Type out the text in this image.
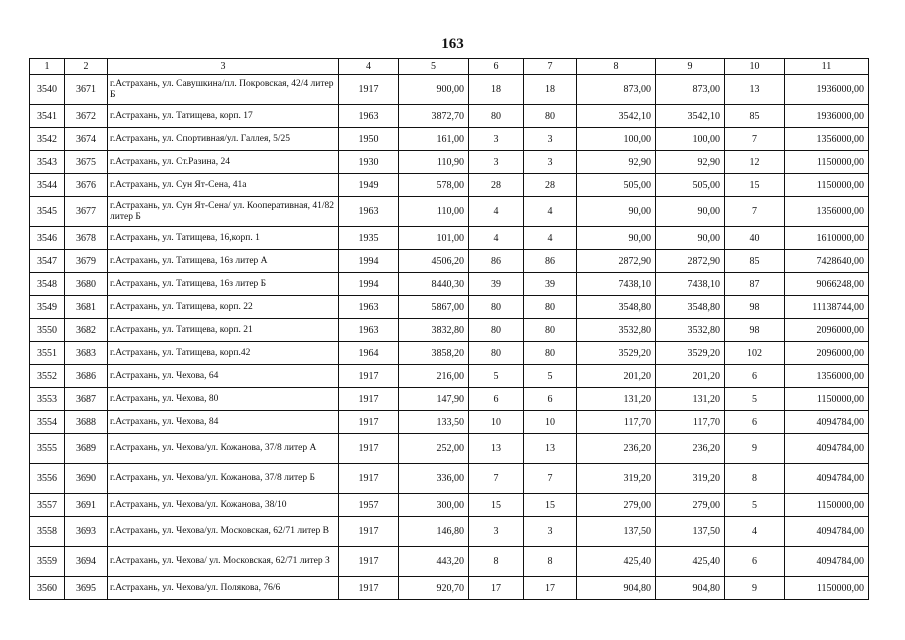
163
1	2	3	4	5	6	7	8	9	10	11
3540	3671	г.Астрахань, ул. Савушкина/пл. Покровская, 42/4 литер Б	1917	900,00	18	18	873,00	873,00	13	1936000,00
3541	3672	г.Астрахань, ул. Татищева, корп. 17	1963	3872,70	80	80	3542,10	3542,10	85	1936000,00
3542	3674	г.Астрахань, ул. Спортивная/ул. Галлея, 5/25	1950	161,00	3	3	100,00	100,00	7	1356000,00
3543	3675	г.Астрахань, ул. Ст.Разина, 24	1930	110,90	3	3	92,90	92,90	12	1150000,00
3544	3676	г.Астрахань, ул. Сун Ят-Сена, 41а	1949	578,00	28	28	505,00	505,00	15	1150000,00
3545	3677	г.Астрахань, ул. Сун Ят-Сена/ ул. Кооперативная, 41/82 литер Б	1963	110,00	4	4	90,00	90,00	7	1356000,00
3546	3678	г.Астрахань, ул. Татищева, 16,корп. 1	1935	101,00	4	4	90,00	90,00	40	1610000,00
3547	3679	г.Астрахань, ул. Татищева, 16з литер А	1994	4506,20	86	86	2872,90	2872,90	85	7428640,00
3548	3680	г.Астрахань, ул. Татищева, 16з литер Б	1994	8440,30	39	39	7438,10	7438,10	87	9066248,00
3549	3681	г.Астрахань, ул. Татищева, корп. 22	1963	5867,00	80	80	3548,80	3548,80	98	11138744,00
3550	3682	г.Астрахань, ул. Татищева, корп. 21	1963	3832,80	80	80	3532,80	3532,80	98	2096000,00
3551	3683	г.Астрахань, ул. Татищева, корп.42	1964	3858,20	80	80	3529,20	3529,20	102	2096000,00
3552	3686	г.Астрахань, ул. Чехова, 64	1917	216,00	5	5	201,20	201,20	6	1356000,00
3553	3687	г.Астрахань, ул. Чехова, 80	1917	147,90	6	6	131,20	131,20	5	1150000,00
3554	3688	г.Астрахань, ул. Чехова, 84	1917	133,50	10	10	117,70	117,70	6	4094784,00
3555	3689	г.Астрахань, ул. Чехова/ул. Кожанова, 37/8 литер А	1917	252,00	13	13	236,20	236,20	9	4094784,00
3556	3690	г.Астрахань, ул. Чехова/ул. Кожанова, 37/8 литер Б	1917	336,00	7	7	319,20	319,20	8	4094784,00
3557	3691	г.Астрахань, ул. Чехова/ул. Кожанова, 38/10	1957	300,00	15	15	279,00	279,00	5	1150000,00
3558	3693	г.Астрахань, ул. Чехова/ул. Московская, 62/71 литер В	1917	146,80	3	3	137,50	137,50	4	4094784,00
3559	3694	г.Астрахань, ул. Чехова/ ул. Московская, 62/71 литер З	1917	443,20	8	8	425,40	425,40	6	4094784,00
3560	3695	г.Астрахань, ул. Чехова/ул. Полякова, 76/6	1917	920,70	17	17	904,80	904,80	9	1150000,00
